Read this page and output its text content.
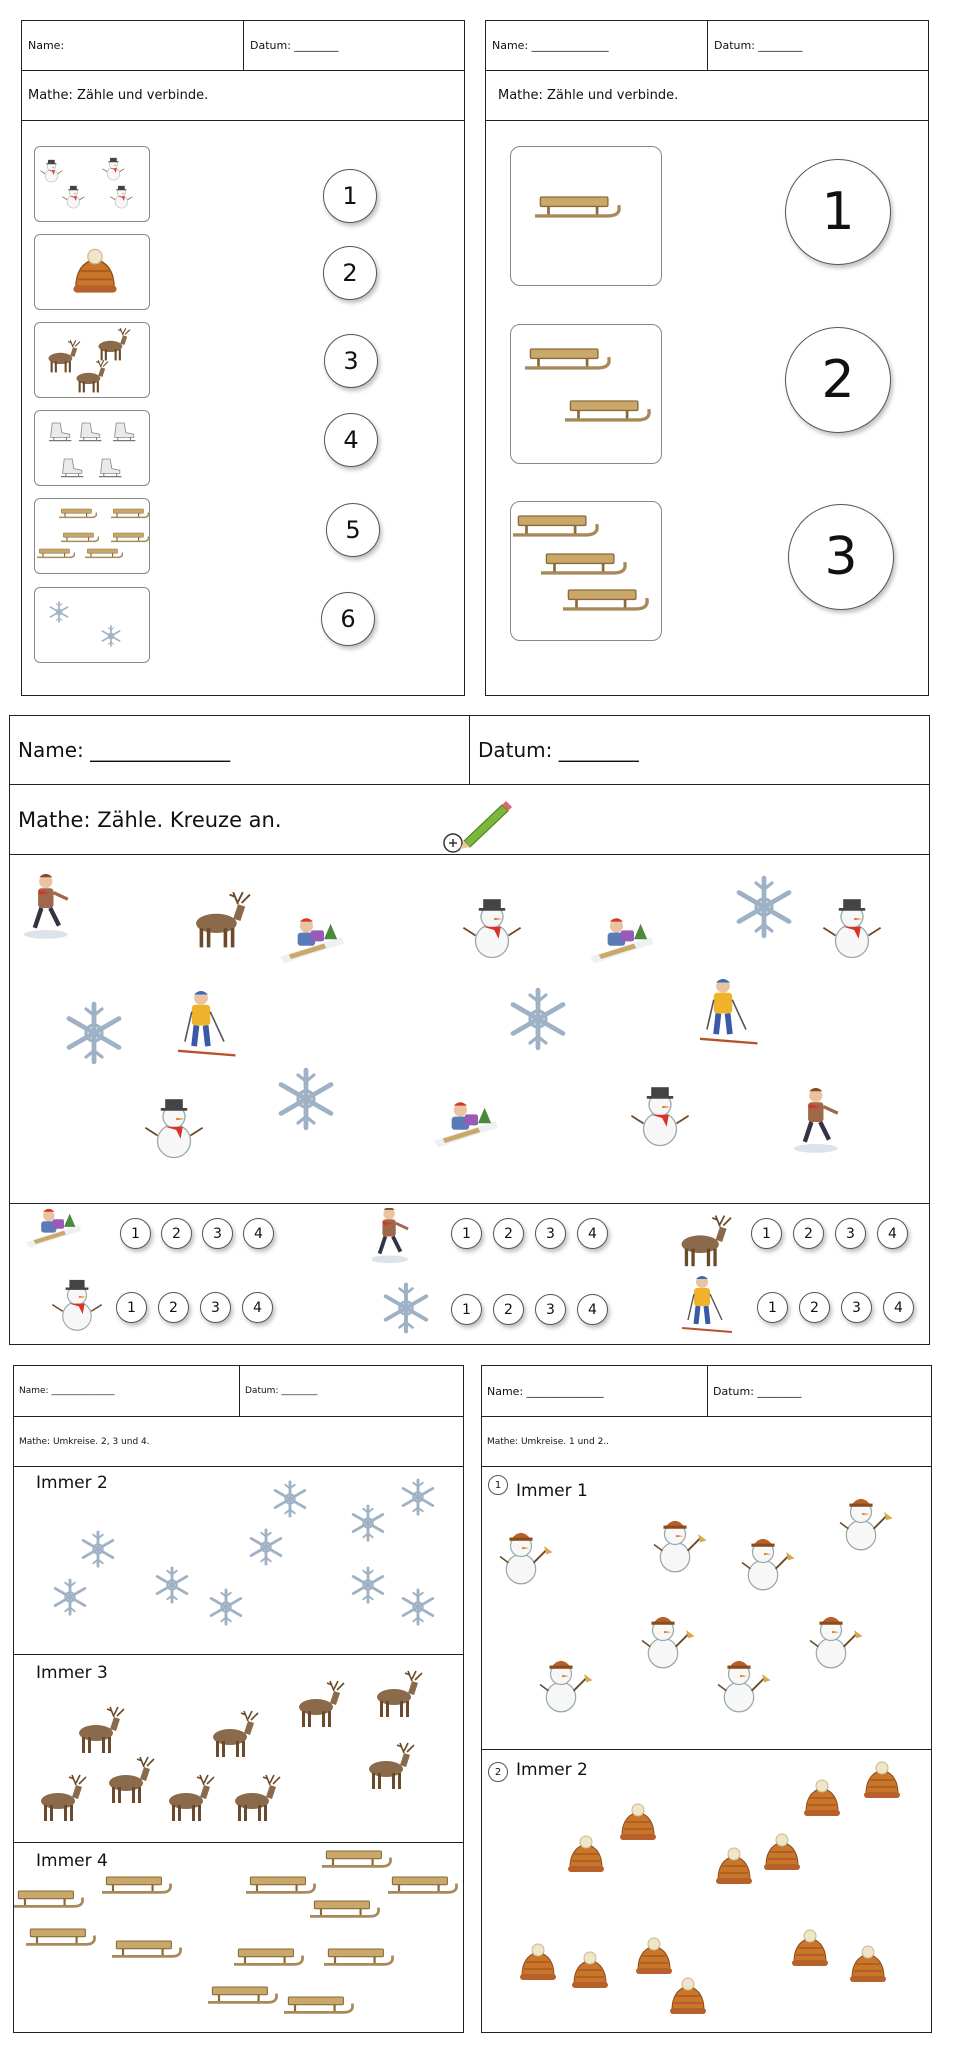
Name:	Datum: ________
Mathe: Zähle und verbinde.
1
2
3
4
5
6
Name: ______________	Datum: ________
Mathe: Zähle und verbinde.
1
2
3
Name: ______________	Datum: ________
Mathe: Zähle. Kreuze an.
1 2 3 4	1 2 3 4	1 2 3 4
1 2 3 4	1 2 3 4	1 2 3 4
Name: ______________	Datum: ________
Mathe: Umkreise. 2, 3 und 4.
Immer 2
Immer 3
Immer 4
Name: ______________	Datum: ________
Mathe: Umkreise. 1 und 2..
1 Immer 1
2 Immer 2
